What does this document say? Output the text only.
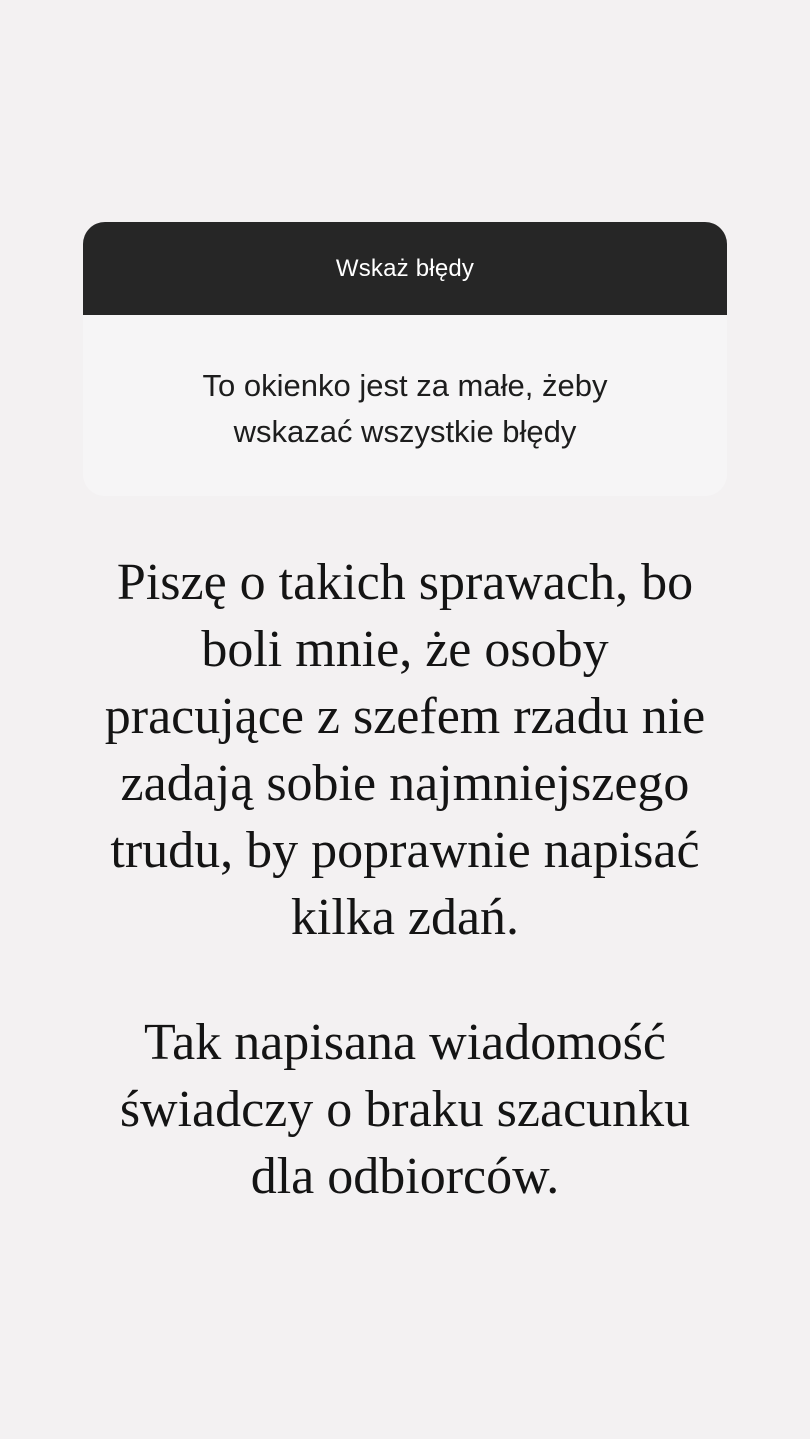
Wskaż błędy
To okienko jest za małe, żeby
wskazać wszystkie błędy
Piszę o takich sprawach, bo
boli mnie, że osoby
pracujące z szefem rzadu nie
zadają sobie najmniejszego
trudu, by poprawnie napisać
kilka zdań.
Tak napisana wiadomość
świadczy o braku szacunku
dla odbiorców.
